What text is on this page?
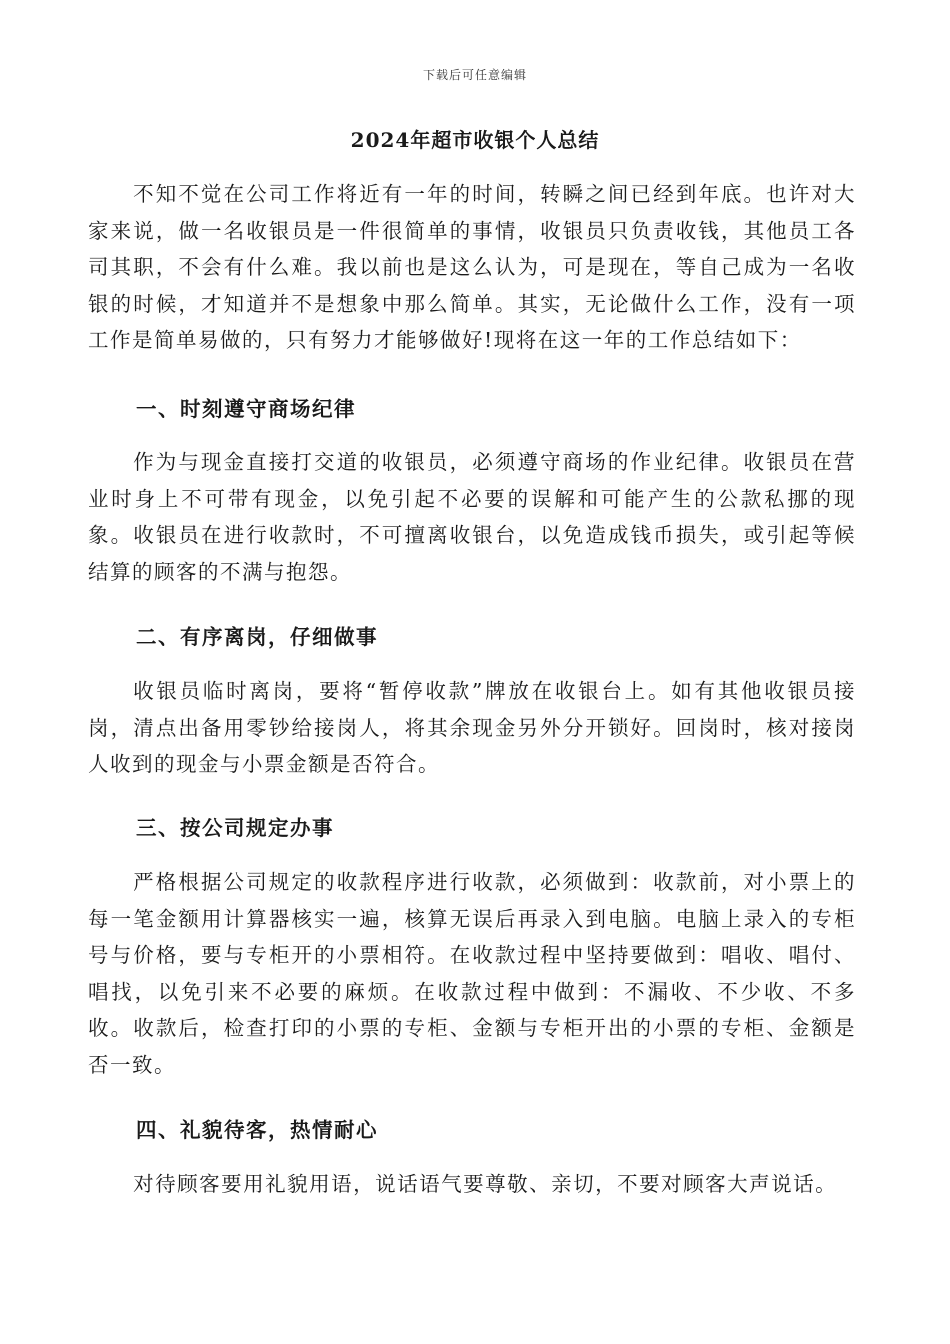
下载后可任意编辑
2024年超市收银个人总结

不知不觉在公司工作将近有一年的时间，转瞬之间已经到年底。也许对大家来说，做一名收银员是一件很简单的事情，收银员只负责收钱，其他员工各司其职，不会有什么难。我以前也是这么认为，可是现在，等自己成为一名收银的时候，才知道并不是想象中那么简单。其实，无论做什么工作，没有一项工作是简单易做的，只有努力才能够做好!现将在这一年的工作总结如下：

一、时刻遵守商场纪律

作为与现金直接打交道的收银员，必须遵守商场的作业纪律。收银员在营业时身上不可带有现金，以免引起不必要的误解和可能产生的公款私挪的现象。收银员在进行收款时，不可擅离收银台，以免造成钱币损失，或引起等候结算的顾客的不满与抱怨。

二、有序离岗，仔细做事

收银员临时离岗，要将“暂停收款”牌放在收银台上。如有其他收银员接岗，清点出备用零钞给接岗人，将其余现金另外分开锁好。回岗时，核对接岗人收到的现金与小票金额是否符合。

三、按公司规定办事

严格根据公司规定的收款程序进行收款，必须做到：收款前，对小票上的每一笔金额用计算器核实一遍，核算无误后再录入到电脑。电脑上录入的专柜号与价格，要与专柜开的小票相符。在收款过程中坚持要做到：唱收、唱付、唱找，以免引来不必要的麻烦。在收款过程中做到：不漏收、不少收、不多收。收款后，检查打印的小票的专柜、金额与专柜开出的小票的专柜、金额是否一致。

四、礼貌待客，热情耐心

对待顾客要用礼貌用语，说话语气要尊敬、亲切，不要对顾客大声说话。
